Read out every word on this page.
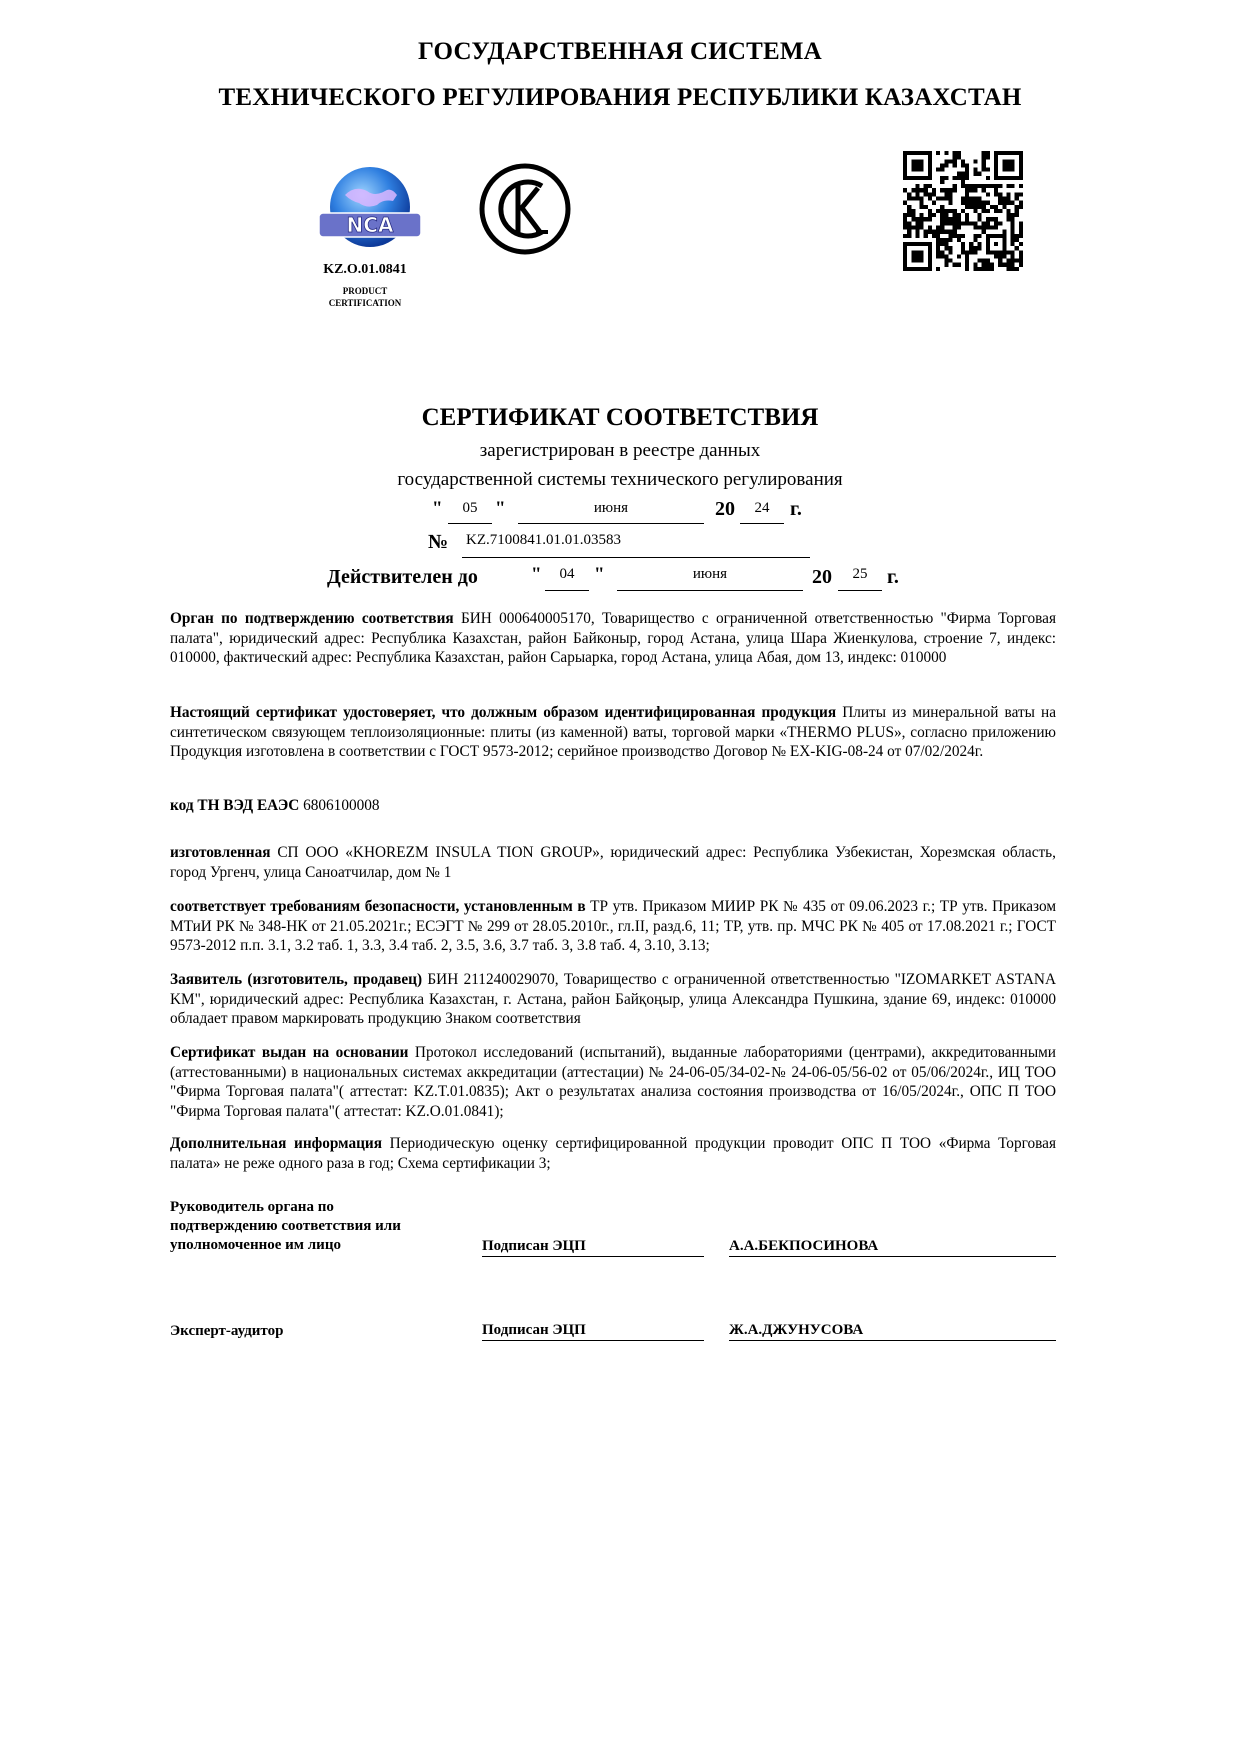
ГОСУДАРСТВЕННАЯ СИСТЕМА
ТЕХНИЧЕСКОГО РЕГУЛИРОВАНИЯ РЕСПУБЛИКИ КАЗАХСТАН
NCA
KZ.O.01.0841
PRODUCT
CERTIFICATION
KZ
СЕРТИФИКАТ СООТВЕТСТВИЯ
зарегистрирован в реестре данных
государственной системы технического регулирования
"	05 "	июня	20	24	г.
№ KZ.7100841.01.01.03583
Действителен до	"	04	"	июня	20	25 г.
Орган по подтверждению соответствия БИН 000640005170, Товарищество с ограниченной ответственностью "Фирма Торговая палата", юридический адрес: Республика Казахстан, район Байконыр, город Астана, улица Шара Жиенкулова, строение 7, индекс: 010000, фактический адрес: Республика Казахстан, район Сарыарка, город Астана, улица Абая, дом 13, индекс: 010000
Настоящий сертификат удостоверяет, что должным образом идентифицированная продукция Плиты из минеральной ваты на синтетическом связующем теплоизоляционные: плиты (из каменной) ваты, торговой марки «THERMO PLUS», согласно приложению Продукция изготовлена в соответствии с ГОСТ 9573-2012; серийное производство Договор № EX-KIG-08-24 от 07/02/2024г.
код ТН ВЭД ЕАЭС 6806100008
изготовленная СП ООО «KHOREZM INSULA TION GROUP», юридический адрес: Республика Узбекистан, Хорезмская область, город Ургенч, улица Саноатчилар, дом № 1
соответствует требованиям безопасности, установленным в ТР утв. Приказом МИИР РК № 435 от 09.06.2023 г.; ТР утв. Приказом МТиИ РК № 348-НК от 21.05.2021г.; ЕСЭГТ № 299 от 28.05.2010г., гл.II, разд.6, 11; ТР, утв. пр. МЧС РК № 405 от 17.08.2021 г.; ГОСТ 9573-2012 п.п. 3.1, 3.2 таб. 1, 3.3, 3.4 таб. 2, 3.5, 3.6, 3.7 таб. 3, 3.8 таб. 4, 3.10, 3.13;
Заявитель (изготовитель, продавец) БИН 211240029070, Товарищество с ограниченной ответственностью "IZOMARKET ASTANA KM", юридический адрес: Республика Казахстан, г. Астана, район Байқоңыр, улица Александра Пушкина, здание 69, индекс: 010000 обладает правом маркировать продукцию Знаком соответствия
Сертификат выдан на основании Протокол исследований (испытаний), выданные лабораториями (центрами), аккредитованными (аттестованными) в национальных системах аккредитации (аттестации) № 24-06-05/34-02-№ 24-06-05/56-02 от 05/06/2024г., ИЦ ТОО "Фирма Торговая палата"( аттестат: KZ.T.01.0835); Акт о результатах анализа состояния производства от 16/05/2024г., ОПС П ТОО "Фирма Торговая палата"( аттестат: KZ.O.01.0841);
Дополнительная информация Периодическую оценку сертифицированной продукции проводит ОПС П ТОО «Фирма Торговая палата» не реже одного раза в год; Схема сертификации 3;
Руководитель органа по
подтверждению соответствия или
уполномоченное им лицо	Подписан ЭЦП	А.А.БЕКПОСИНОВА
Эксперт-аудитор	Подписан ЭЦП	Ж.А.ДЖУНУСОВА
